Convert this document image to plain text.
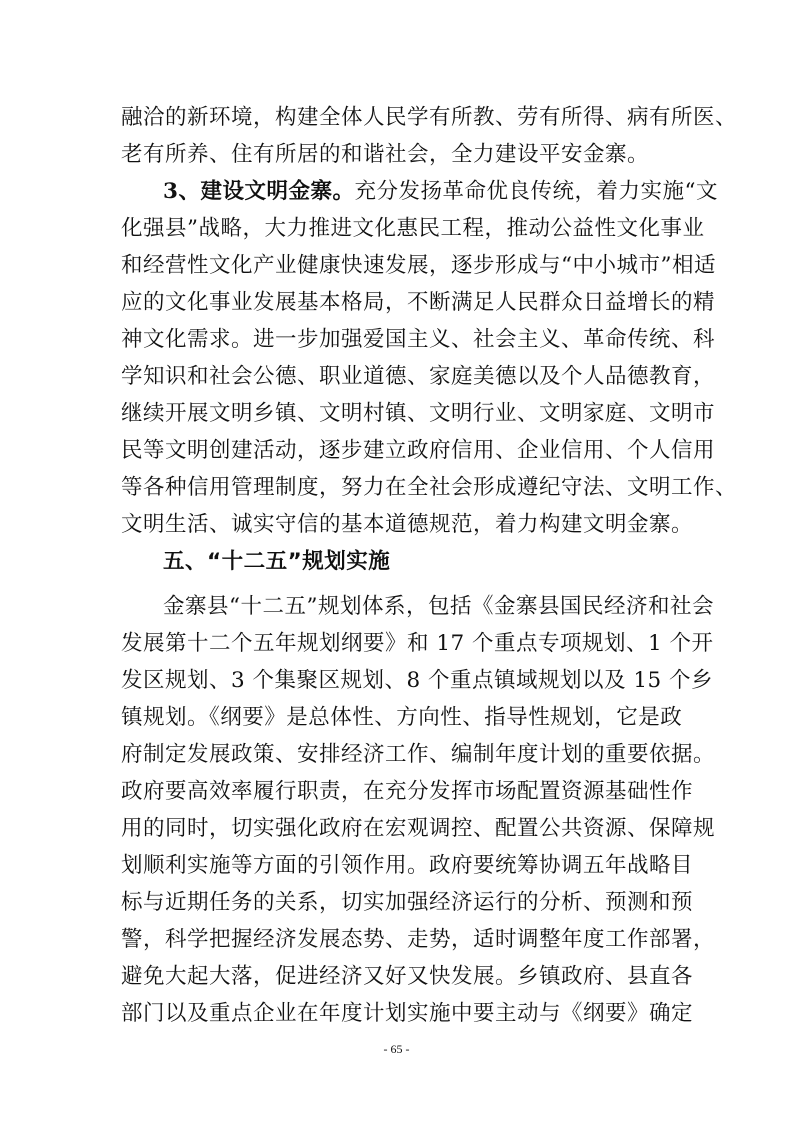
融洽的新环境，构建全体人民学有所教、劳有所得、病有所医、
老有所养、住有所居的和谐社会，全力建设平安金寨。
3、建设文明金寨。充分发扬革命优良传统，着力实施“文
化强县”战略，大力推进文化惠民工程，推动公益性文化事业
和经营性文化产业健康快速发展，逐步形成与“中小城市”相适
应的文化事业发展基本格局，不断满足人民群众日益增长的精
神文化需求。进一步加强爱国主义、社会主义、革命传统、科
学知识和社会公德、职业道德、家庭美德以及个人品德教育，
继续开展文明乡镇、文明村镇、文明行业、文明家庭、文明市
民等文明创建活动，逐步建立政府信用、企业信用、个人信用
等各种信用管理制度，努力在全社会形成遵纪守法、文明工作、
文明生活、诚实守信的基本道德规范，着力构建文明金寨。
五、“十二五”规划实施
金寨县“十二五”规划体系，包括《金寨县国民经济和社会
发展第十二个五年规划纲要》和 17 个重点专项规划、1 个开
发区规划、3 个集聚区规划、8 个重点镇域规划以及 15 个乡
镇规划。《纲要》是总体性、方向性、指导性规划，它是政
府制定发展政策、安排经济工作、编制年度计划的重要依据。
政府要高效率履行职责，在充分发挥市场配置资源基础性作
用的同时，切实强化政府在宏观调控、配置公共资源、保障规
划顺利实施等方面的引领作用。政府要统筹协调五年战略目
标与近期任务的关系，切实加强经济运行的分析、预测和预
警，科学把握经济发展态势、走势，适时调整年度工作部署，
避免大起大落，促进经济又好又快发展。乡镇政府、县直各
部门以及重点企业在年度计划实施中要主动与《纲要》确定
- 65 -
